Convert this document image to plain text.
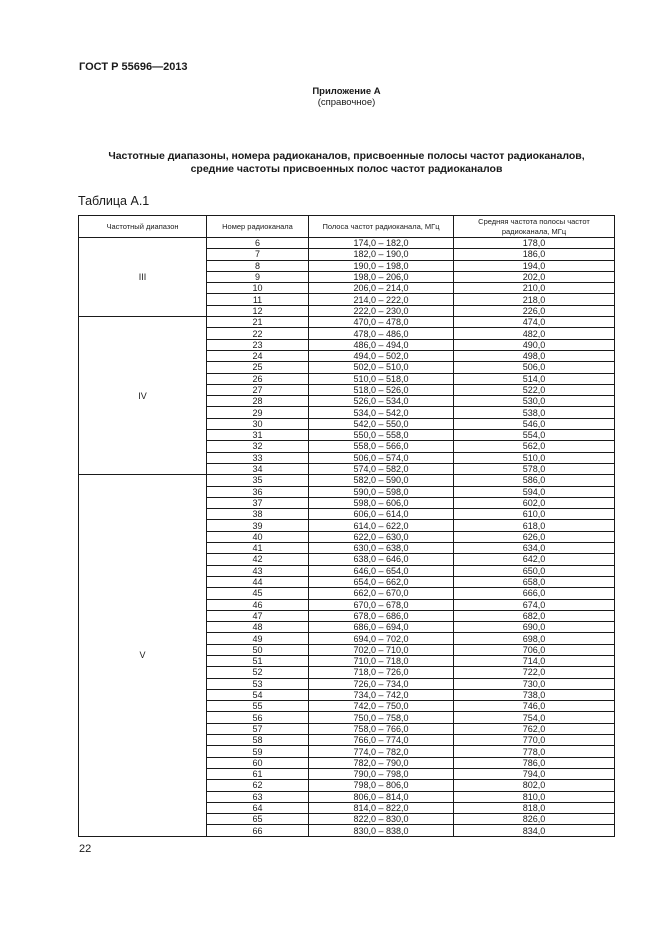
ГОСТ Р 55696—2013
Приложение А
(справочное)
Частотные диапазоны, номера радиоканалов, присвоенные полосы частот радиоканалов,
средние частоты присвоенных полос частот радиоканалов
Таблица А.1
Частотный диапазон	Номер радиоканала	Полоса частот радиоканала, МГц	Средняя частота полосы частот радиоканала, МГц
III	6	174,0 – 182,0	178,0
	7	182,0 – 190,0	186,0
	8	190,0 – 198,0	194,0
	9	198,0 – 206,0	202,0
	10	206,0 – 214,0	210,0
	11	214,0 – 222,0	218,0
	12	222,0 – 230,0	226,0
IV	21	470,0 – 478,0	474,0
	22	478,0 – 486,0	482,0
	23	486,0 – 494,0	490,0
	24	494,0 – 502,0	498,0
	25	502,0 – 510,0	506,0
	26	510,0 – 518,0	514,0
	27	518,0 – 526,0	522,0
	28	526,0 – 534,0	530,0
	29	534,0 – 542,0	538,0
	30	542,0 – 550,0	546,0
	31	550,0 – 558,0	554,0
	32	558,0 – 566,0	562,0
	33	506,0 – 574,0	510,0
	34	574,0 – 582,0	578,0
V	35	582,0 – 590,0	586,0
	36	590,0 – 598,0	594,0
	37	598,0 – 606,0	602,0
	38	606,0 – 614,0	610,0
	39	614,0 – 622,0	618,0
	40	622,0 – 630,0	626,0
	41	630,0 – 638,0	634,0
	42	638,0 – 646,0	642,0
	43	646,0 – 654,0	650,0
	44	654,0 – 662,0	658,0
	45	662,0 – 670,0	666,0
	46	670,0 – 678,0	674,0
	47	678,0 – 686,0	682,0
	48	686,0 – 694,0	690,0
	49	694,0 – 702,0	698,0
	50	702,0 – 710,0	706,0
	51	710,0 – 718,0	714,0
	52	718,0 – 726,0	722,0
	53	726,0 – 734,0	730,0
	54	734,0 – 742,0	738,0
	55	742,0 – 750,0	746,0
	56	750,0 – 758,0	754,0
	57	758,0 – 766,0	762,0
	58	766,0 – 774,0	770,0
	59	774,0 – 782,0	778,0
	60	782,0 – 790,0	786,0
	61	790,0 – 798,0	794,0
	62	798,0 – 806,0	802,0
	63	806,0 – 814,0	810,0
	64	814,0 – 822,0	818,0
	65	822,0 – 830,0	826,0
	66	830,0 – 838,0	834,0
22
